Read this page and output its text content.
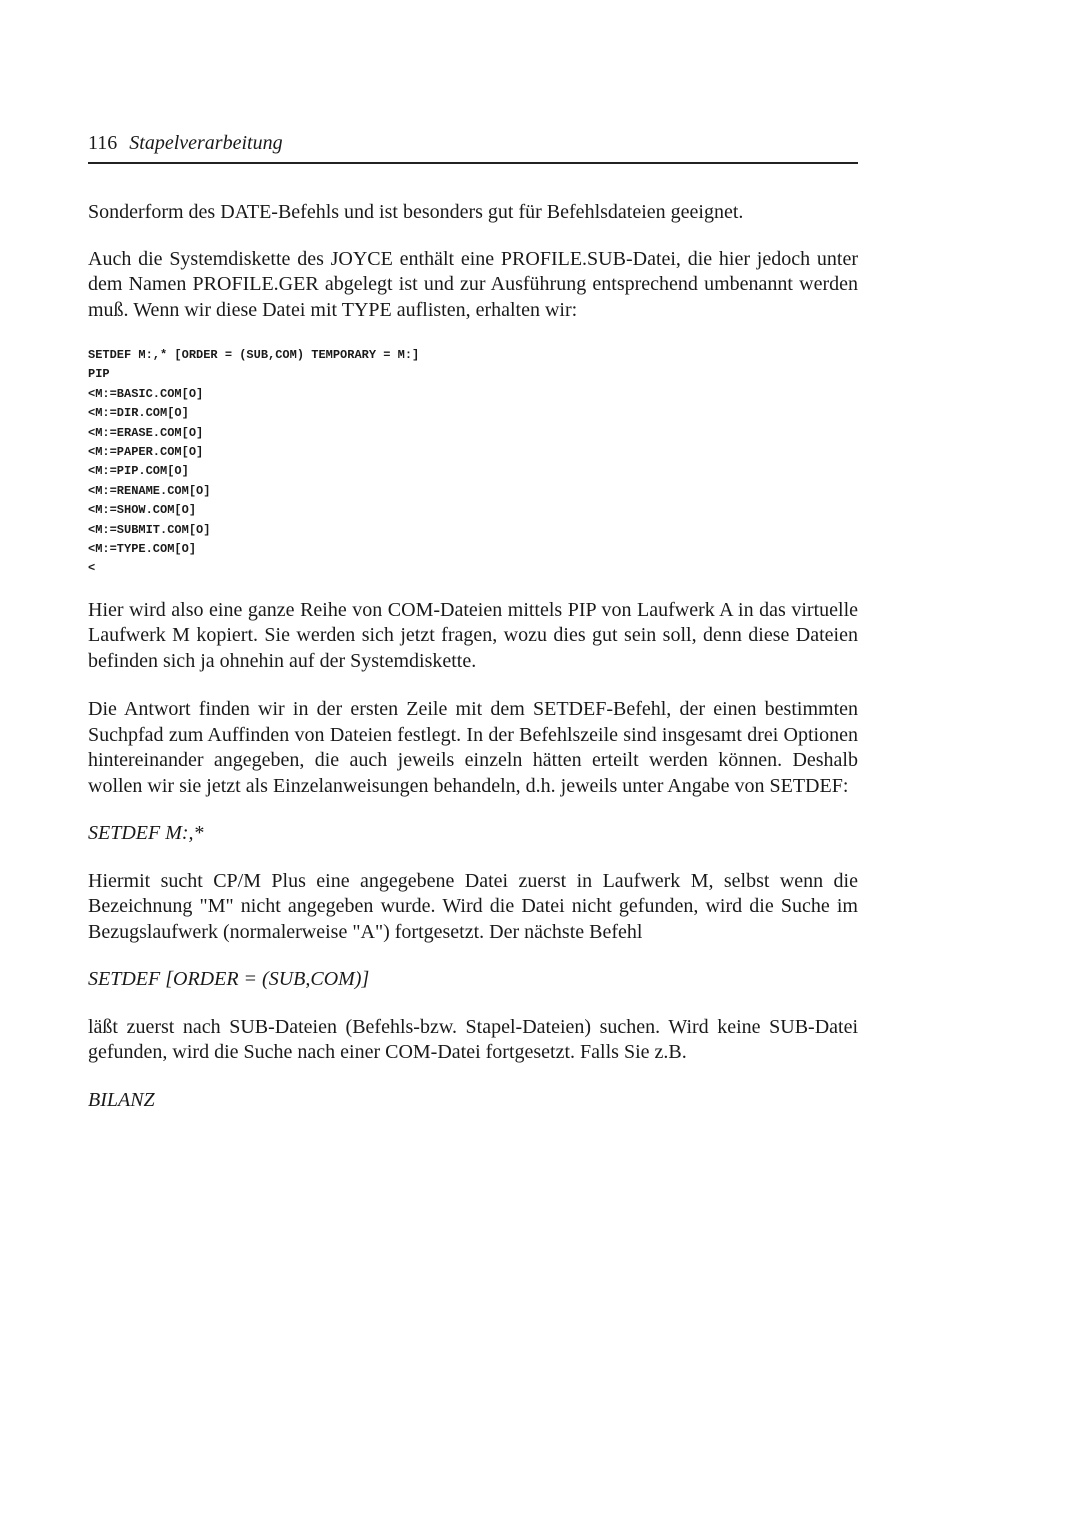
116 Stapelverarbeitung

Sonderform des DATE-Befehls und ist besonders gut für Befehlsdateien geeignet.

Auch die Systemdiskette des JOYCE enthält eine PROFILE.SUB-Datei, die hier jedoch unter dem Namen PROFILE.GER abgelegt ist und zur Ausführung entsprechend umbenannt werden muß. Wenn wir diese Datei mit TYPE auflisten, erhalten wir:

SETDEF M:,* [ORDER = (SUB,COM) TEMPORARY = M:]
PIP
<M:=BASIC.COM[O]
<M:=DIR.COM[O]
<M:=ERASE.COM[O]
<M:=PAPER.COM[O]
<M:=PIP.COM[O]
<M:=RENAME.COM[O]
<M:=SHOW.COM[O]
<M:=SUBMIT.COM[O]
<M:=TYPE.COM[O]
<

Hier wird also eine ganze Reihe von COM-Dateien mittels PIP von Laufwerk A in das virtuelle Laufwerk M kopiert. Sie werden sich jetzt fragen, wozu dies gut sein soll, denn diese Dateien befinden sich ja ohnehin auf der Systemdiskette.

Die Antwort finden wir in der ersten Zeile mit dem SETDEF-Befehl, der einen bestimmten Suchpfad zum Auffinden von Dateien festlegt. In der Befehlszeile sind insgesamt drei Optionen hintereinander angegeben, die auch jeweils einzeln hätten erteilt werden können. Deshalb wollen wir sie jetzt als Einzelanweisungen behandeln, d.h. jeweils unter Angabe von SETDEF:

SETDEF M:,*

Hiermit sucht CP/M Plus eine angegebene Datei zuerst in Laufwerk M, selbst wenn die Bezeichnung "M" nicht angegeben wurde. Wird die Datei nicht gefunden, wird die Suche im Bezugslaufwerk (normalerweise "A") fortgesetzt. Der nächste Befehl

SETDEF [ORDER = (SUB,COM)]

läßt zuerst nach SUB-Dateien (Befehls-bzw. Stapel-Dateien) suchen. Wird keine SUB-Datei gefunden, wird die Suche nach einer COM-Datei fortgesetzt. Falls Sie z.B.

BILANZ
